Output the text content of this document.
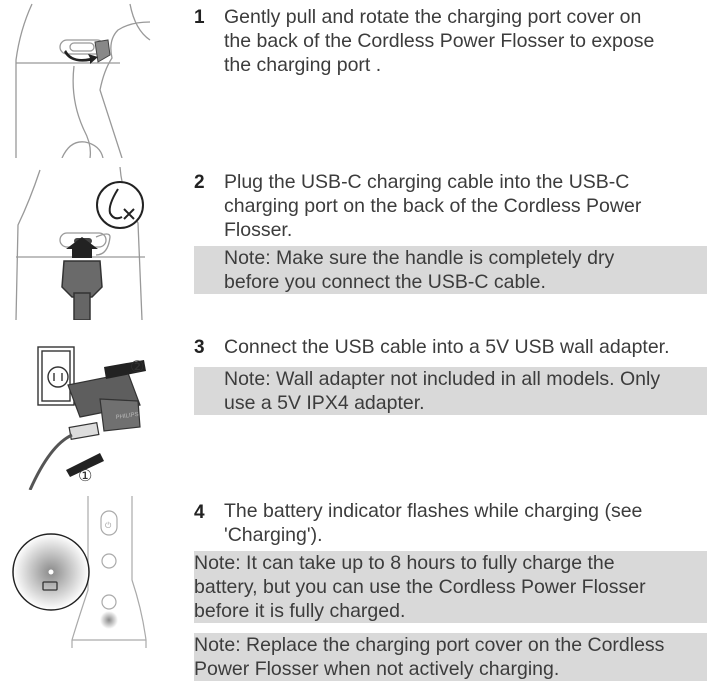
1 Gently pull and rotate the charging port cover on
the back of the Cordless Power Flosser to expose
the charging port .
2 Plug the USB-C charging cable into the USB-C
charging port on the back of the Cordless Power
Flosser.
Note: Make sure the handle is completely dry
before you connect the USB-C cable.
PHILIPS
②
①
3 Connect the USB cable into a 5V USB wall adapter.
Note: Wall adapter not included in all models. Only
use a 5V IPX4 adapter.
⏻
4 The battery indicator flashes while charging (see
'Charging').
Note: It can take up to 8 hours to fully charge the
battery, but you can use the Cordless Power Flosser
before it is fully charged.
Note: Replace the charging port cover on the Cordless
Power Flosser when not actively charging.
